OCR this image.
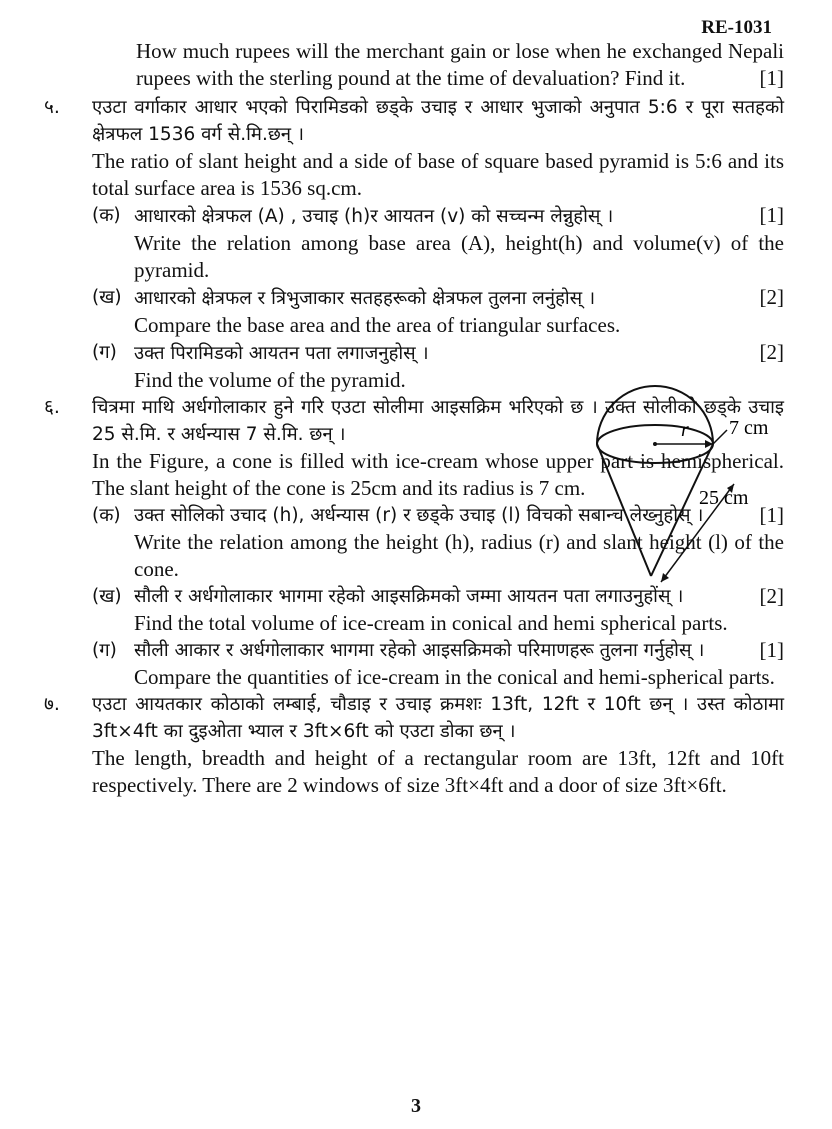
RE-1031
How much rupees will the merchant gain or lose when he exchanged Nepali rupees with the sterling pound at the time of devaluation? Find it.	[1]
५.	एउटा वर्गाकार आधार भएको पिरामिडको छड्के उचाइ र आधार भुजाको अनुपात 5:6 र पूरा सतहको क्षेत्रफल 1536 वर्ग से.मि.छन् ।
The ratio of slant height and a side of base of square based pyramid is 5:6 and its total surface area is 1536 sq.cm.
(क) आधारको क्षेत्रफल (A) , उचाइ (h)र आयतन (v) को सच्चन्म लेन्नुहोस् ।	[1]
Write the relation among base area (A), height(h) and volume(v) of the pyramid.
(ख) आधारको क्षेत्रफल र त्रिभुजाकार सतहहरूको क्षेत्रफल तुलना लनुंहोस् ।	[2]
Compare the base area and the area of triangular surfaces.
(ग) उक्त पिरामिडको आयतन पता लगाजनुहोस् ।	[2]
Find the volume of the pyramid.
६.	चित्रमा माथि अर्धगोलाकार हुने गरि एउटा सोलीमा आइसक्रिम भरिएको छ । उक्त सोलीको छड्के उचाइ 25 से.मि. र अर्धन्यास 7 से.मि. छन् ।
In the Figure, a cone is filled with ice-cream whose upper part is hemispherical. The slant height of the cone is 25cm and its radius is 7 cm.
r 7 cm
25 cm
(क) उक्त सोलिको उचाद (h), अर्धन्यास (r) र छड्के उचाइ (l) विचको सबान्च लेख्नुहोस् ।	[1]
Write the relation among the height (h), radius (r) and slant height (l) of the cone.
(ख) सौली र अर्धगोलाकार भागमा रहेको आइसक्रिमको जम्मा आयतन पता लगाउनुहोंस् ।	[2]
Find the total volume of ice-cream in conical and hemi spherical parts.
(ग) सौली आकार र अर्धगोलाकार भागमा रहेको आइसक्रिमको परिमाणहरू तुलना गर्नुहोस् ।	[1]
Compare the quantities of ice-cream in the conical and hemi-spherical parts.
७.	एउटा आयतकार कोठाको लम्बाई, चौडाइ र उचाइ क्रमशः 13ft, 12ft र 10ft छन् । उस्त कोठामा 3ft×4ft का दुइओता भ्याल र 3ft×6ft को एउटा डोका छन् ।
The length, breadth and height of a rectangular room are 13ft, 12ft and 10ft respectively. There are 2 windows of size 3ft×4ft and a door of size 3ft×6ft.
3
